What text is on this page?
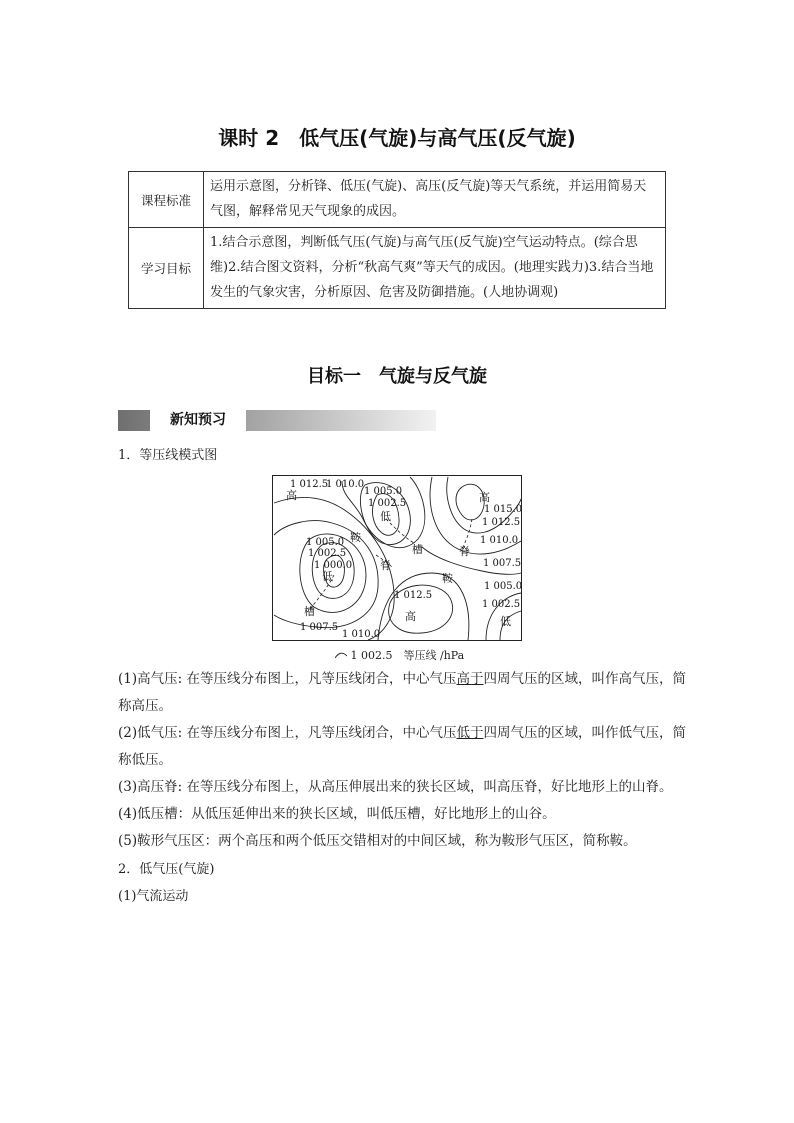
课时 2　低气压(气旋)与高气压(反气旋)
课程标准	运用示意图，分析锋、低压(气旋)、高压(反气旋)等天气系统，并运用简易天气图，解释常见天气现象的成因。
学习目标	1.结合示意图，判断低气压(气旋)与高气压(反气旋)空气运动特点。(综合思维)2.结合图文资料，分析“秋高气爽”等天气的成因。(地理实践力)3.结合当地发生的气象灾害，分析原因、危害及防御措施。(人地协调观)
目标一　气旋与反气旋
新知预习
1．等压线模式图
1 012.5
1 010.0
高	1 005.0
1 002.5
低
高
1 015.0
1 012.5
1 010.0
鞍
槽	脊
1 007.5
1 005.0
1 002.5
1 000.0
低
脊
鞍
1 005.0
1 012.5
1 002.5
槽	高	低
1 007.5
1 010.0
1 002.5　等压线 /hPa
(1)高气压: 在等压线分布图上，凡等压线闭合，中心气压高于四周气压的区域，叫作高气压，简称高压。
(2)低气压: 在等压线分布图上，凡等压线闭合，中心气压低于四周气压的区域，叫作低气压，简称低压。
(3)高压脊: 在等压线分布图上，从高压伸展出来的狭长区域，叫高压脊，好比地形上的山脊。
(4)低压槽：从低压延伸出来的狭长区域，叫低压槽，好比地形上的山谷。
(5)鞍形气压区：两个高压和两个低压交错相对的中间区域，称为鞍形气压区，简称鞍。
2．低气压(气旋)
(1)气流运动
